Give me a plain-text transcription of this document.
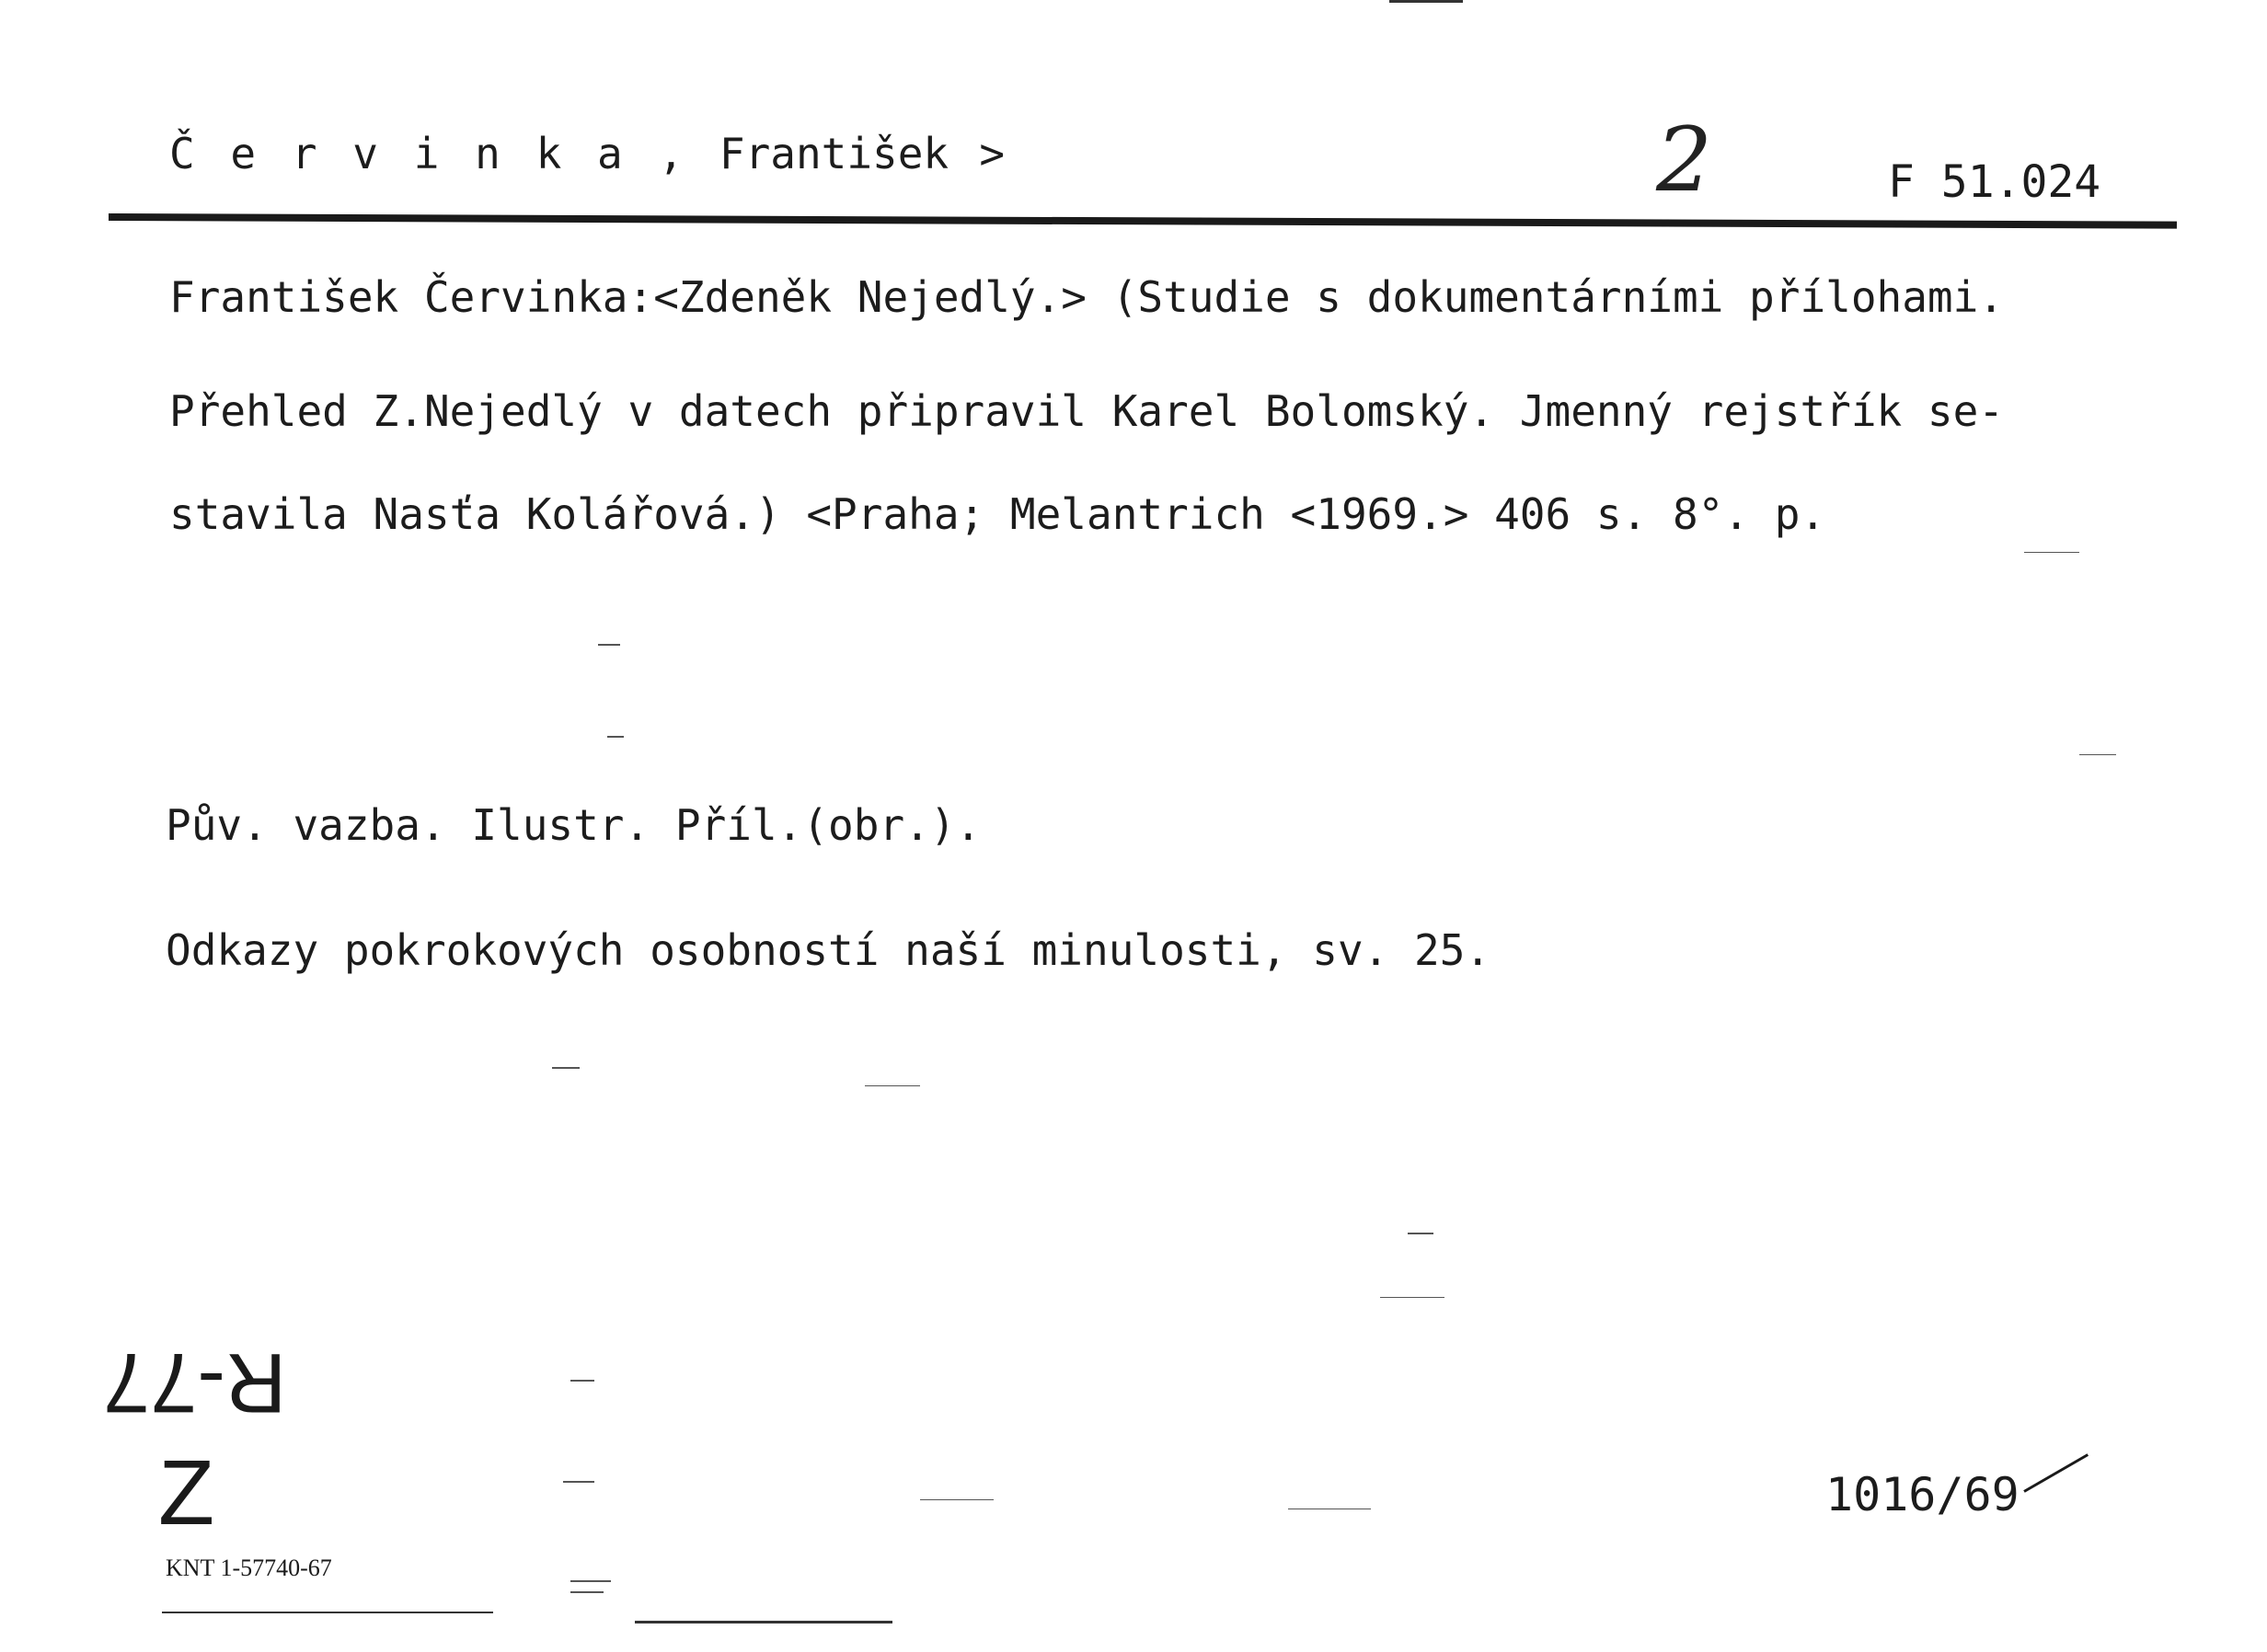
Č e r v i n k a , František >	2	F 51.024
František Červinka:<Zdeněk Nejedlý.> (Studie s dokumentárními přílohami.
Přehled Z.Nejedlý v datech připravil Karel Bolomský. Jmenný rejstřík se-
stavila Nasťa Kolářová.) <Praha; Melantrich <1969.> 406 s. 8°. p.
Pův. vazba. Ilustr. Příl.(obr.).
Odkazy pokrokových osobností naší minulosti, sv. 25.
R-77
Z
KNT 1-57740-67
1016/69
